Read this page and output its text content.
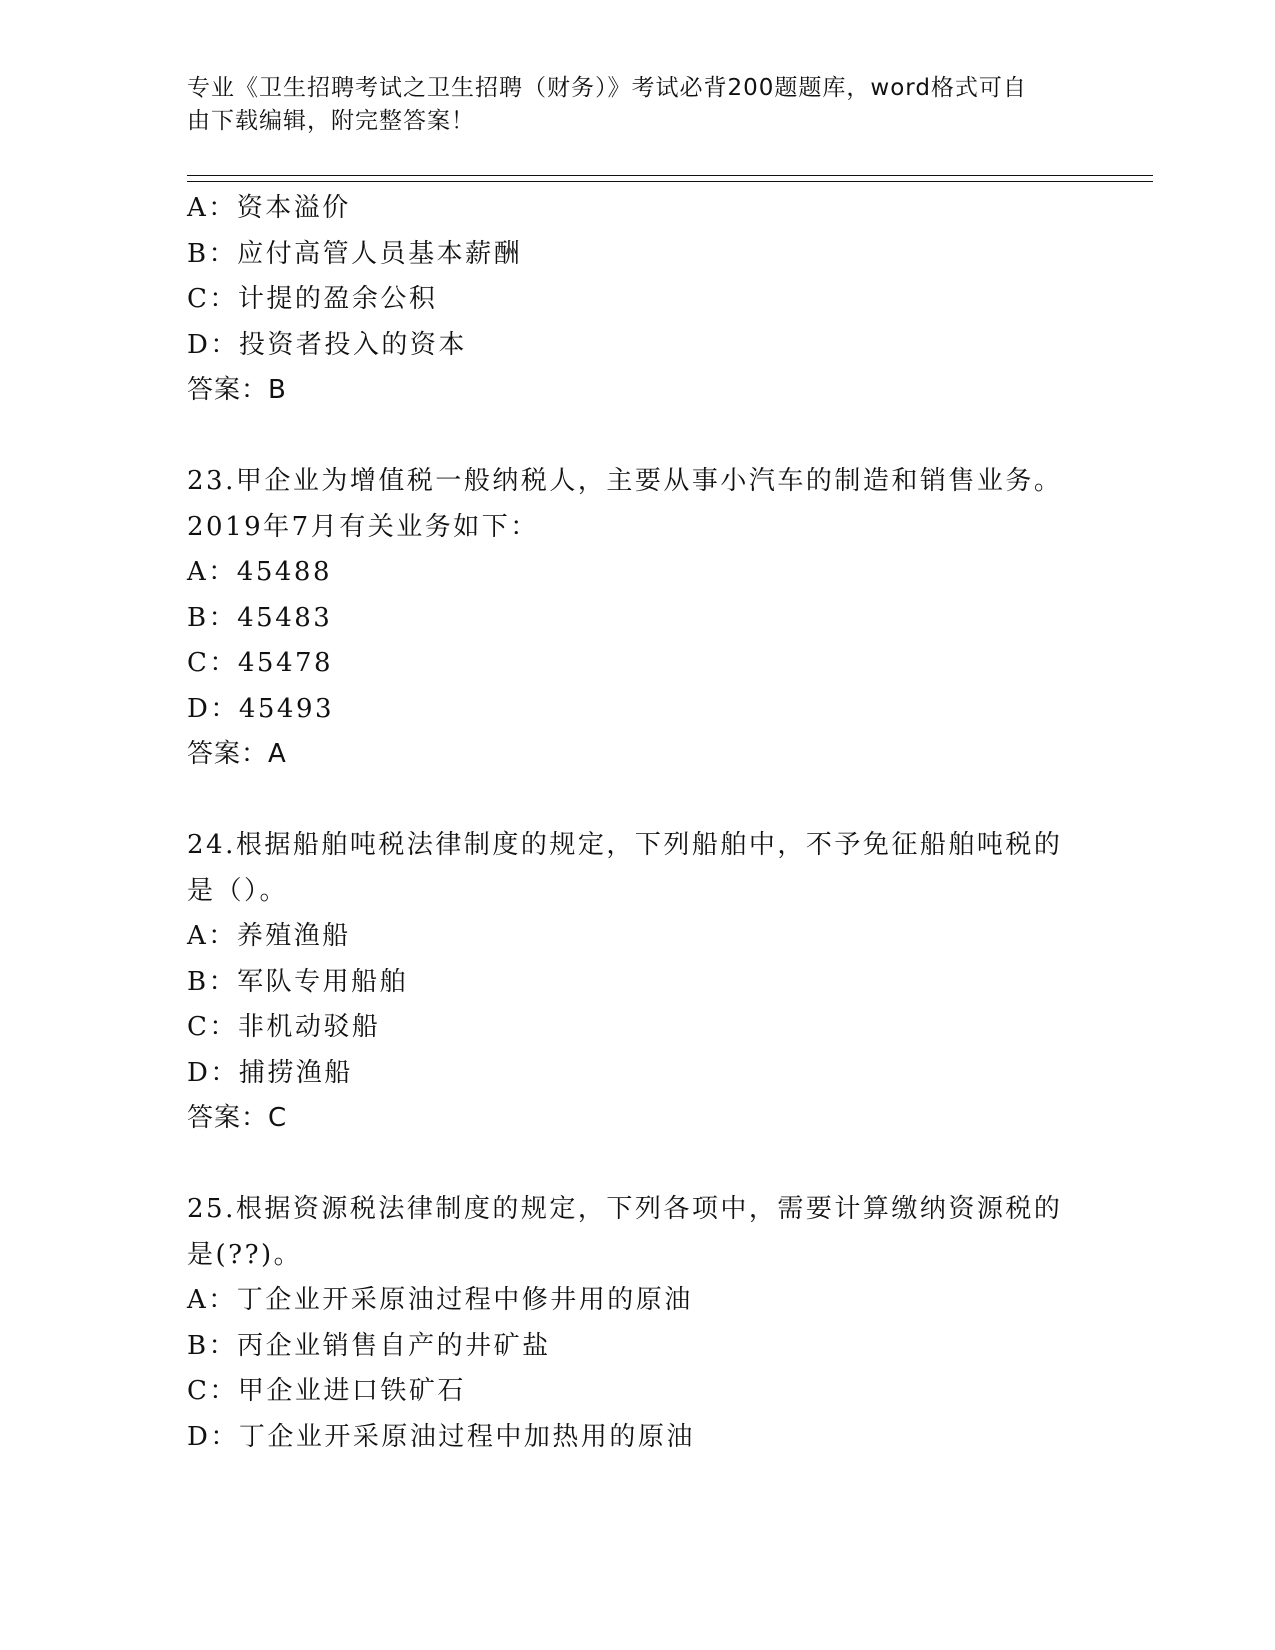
专业《卫生招聘考试之卫生招聘（财务）》考试必背200题题库，word格式可自
由下载编辑，附完整答案！
A：资本溢价
B：应付高管人员基本薪酬
C：计提的盈余公积
D：投资者投入的资本
答案：B
23.甲企业为增值税一般纳税人，主要从事小汽车的制造和销售业务。
2019年7月有关业务如下：
A：45488
B：45483
C：45478
D：45493
答案：A
24.根据船舶吨税法律制度的规定，下列船舶中，不予免征船舶吨税的
是（）。
A：养殖渔船
B：军队专用船舶
C：非机动驳船
D：捕捞渔船
答案：C
25.根据资源税法律制度的规定，下列各项中，需要计算缴纳资源税的
是(??)。
A：丁企业开采原油过程中修井用的原油
B：丙企业销售自产的井矿盐
C：甲企业进口铁矿石
D：丁企业开采原油过程中加热用的原油
